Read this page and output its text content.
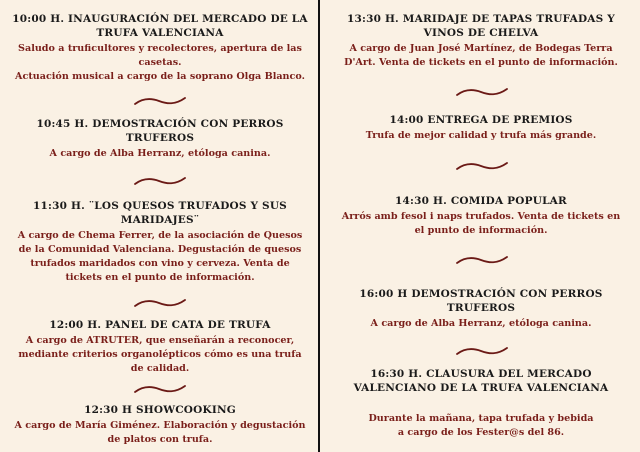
10:00 H. INAUGURACIÓN DEL MERCADO DE LA
TRUFA VALENCIANA
Saludo a truficultores y recolectores, apertura de las
casetas.
Actuación musical a cargo de la soprano Olga Blanco.
10:45 H. DEMOSTRACIÓN CON PERROS
TRUFEROS
A cargo de Alba Herranz, etóloga canina.
11:30 H. ¨LOS QUESOS TRUFADOS Y SUS
MARIDAJES¨
A cargo de Chema Ferrer, de la asociación de Quesos
de la Comunidad Valenciana. Degustación de quesos
trufados maridados con vino y cerveza. Venta de
tickets en el punto de información.
12:00 H. PANEL DE CATA DE TRUFA
A cargo de ATRUTER, que enseñarán a reconocer,
mediante criterios organolépticos cómo es una trufa
de calidad.
12:30 H SHOWCOOKING
A cargo de María Giménez. Elaboración y degustación
de platos con trufa.
13:30 H. MARIDAJE DE TAPAS TRUFADAS Y
VINOS DE CHELVA
A cargo de Juan José Martínez, de Bodegas Terra
D'Art. Venta de tickets en el punto de información.
14:00 ENTREGA DE PREMIOS
Trufa de mejor calidad y trufa más grande.
14:30 H. COMIDA POPULAR
Arrós amb fesol i naps trufados. Venta de tickets en
el punto de información.
16:00 H DEMOSTRACIÓN CON PERROS
TRUFEROS
A cargo de Alba Herranz, etóloga canina.
16:30 H. CLAUSURA DEL MERCADO
VALENCIANO DE LA TRUFA VALENCIANA
Durante la mañana, tapa trufada y bebida
a cargo de los Fester@s del 86.
